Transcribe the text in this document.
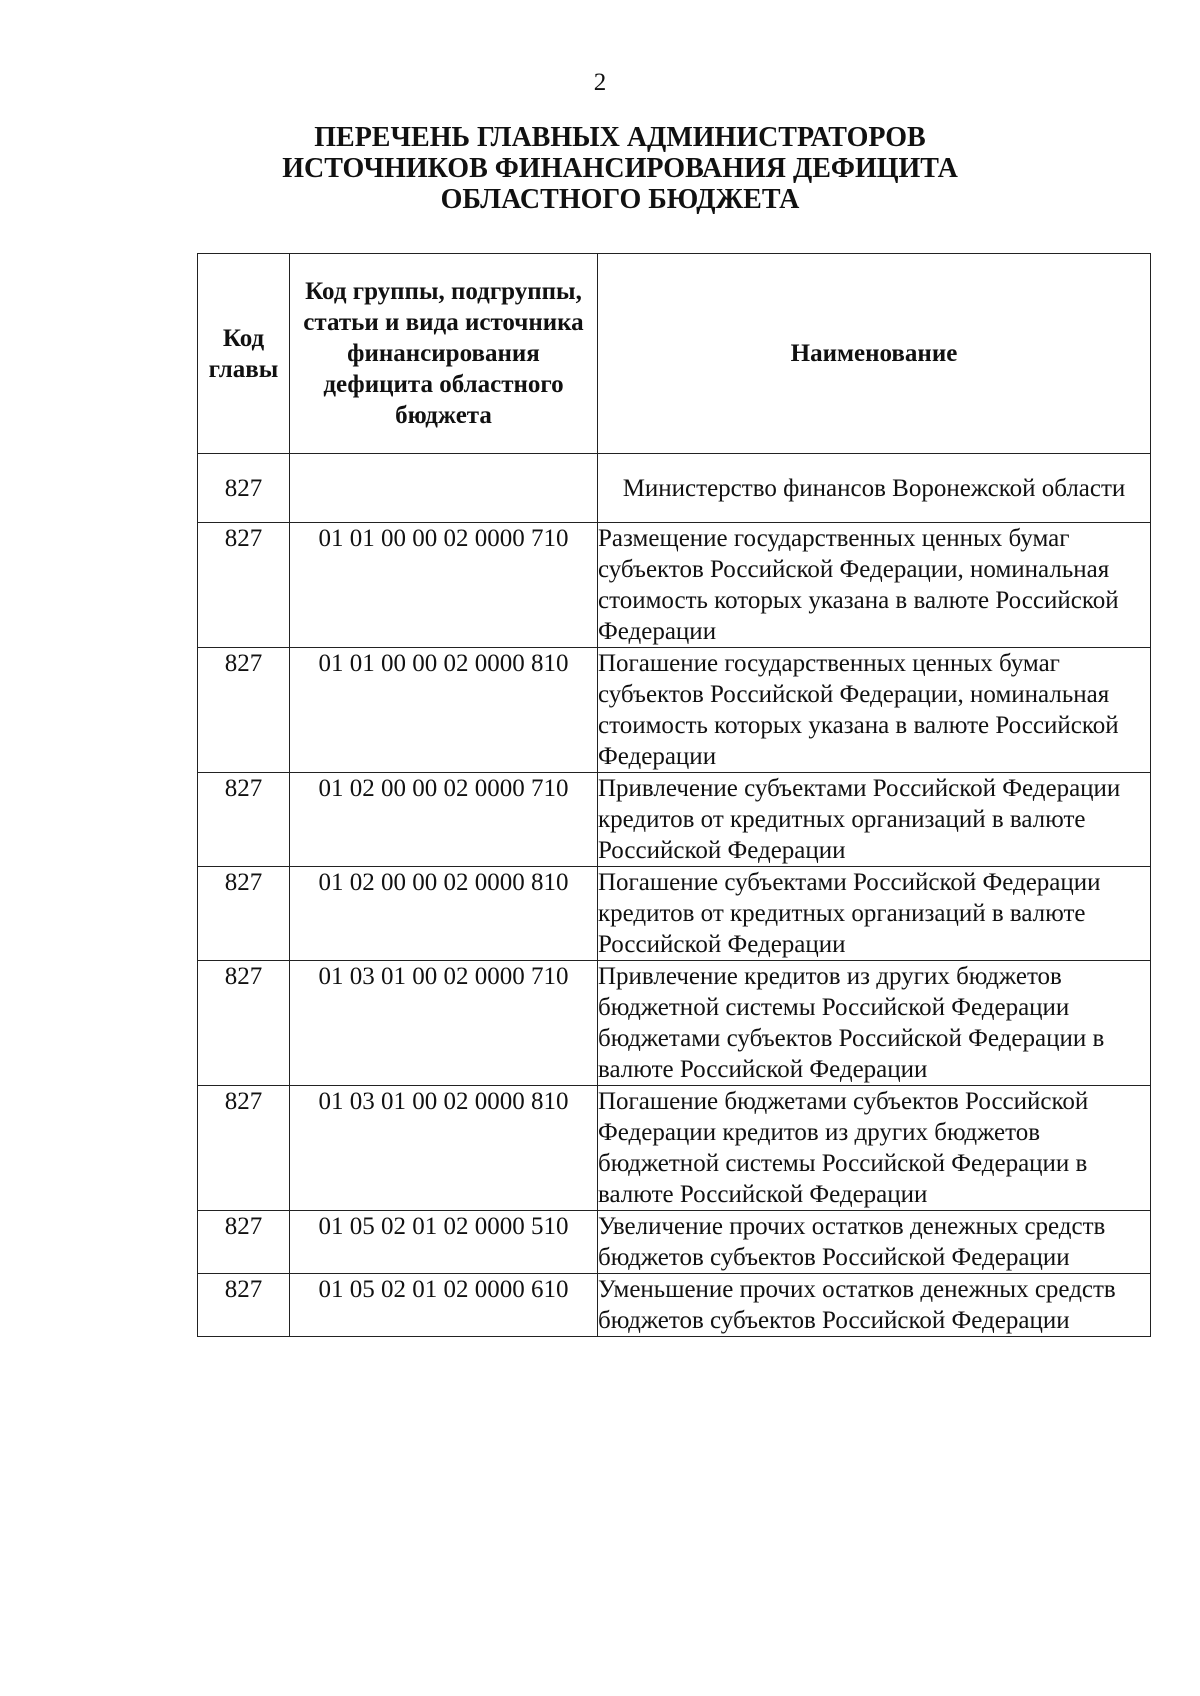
2
ПЕРЕЧЕНЬ ГЛАВНЫХ АДМИНИСТРАТОРОВ
ИСТОЧНИКОВ ФИНАНСИРОВАНИЯ ДЕФИЦИТА
ОБЛАСТНОГО БЮДЖЕТА
Код главы	Код группы, подгруппы, статьи и вида источника финансирования дефицита областного бюджета	Наименование

827		Министерство финансов Воронежской области
827	01 01 00 00 02 0000 710	Размещение государственных ценных бумаг субъектов Российской Федерации, номинальная стоимость которых указана в валюте Российской Федерации
827	01 01 00 00 02 0000 810	Погашение государственных ценных бумаг субъектов Российской Федерации, номинальная стоимость которых указана в валюте Российской Федерации
827	01 02 00 00 02 0000 710	Привлечение субъектами Российской Федерации кредитов от кредитных организаций в валюте Российской Федерации
827	01 02 00 00 02 0000 810	Погашение субъектами Российской Федерации кредитов от кредитных организаций в валюте Российской Федерации
827	01 03 01 00 02 0000 710	Привлечение кредитов из других бюджетов бюджетной системы Российской Федерации бюджетами субъектов Российской Федерации в валюте Российской Федерации
827	01 03 01 00 02 0000 810	Погашение бюджетами субъектов Российской Федерации кредитов из других бюджетов бюджетной системы Российской Федерации в валюте Российской Федерации
827	01 05 02 01 02 0000 510	Увеличение прочих остатков денежных средств бюджетов субъектов Российской Федерации
827	01 05 02 01 02 0000 610	Уменьшение прочих остатков денежных средств бюджетов субъектов Российской Федерации
